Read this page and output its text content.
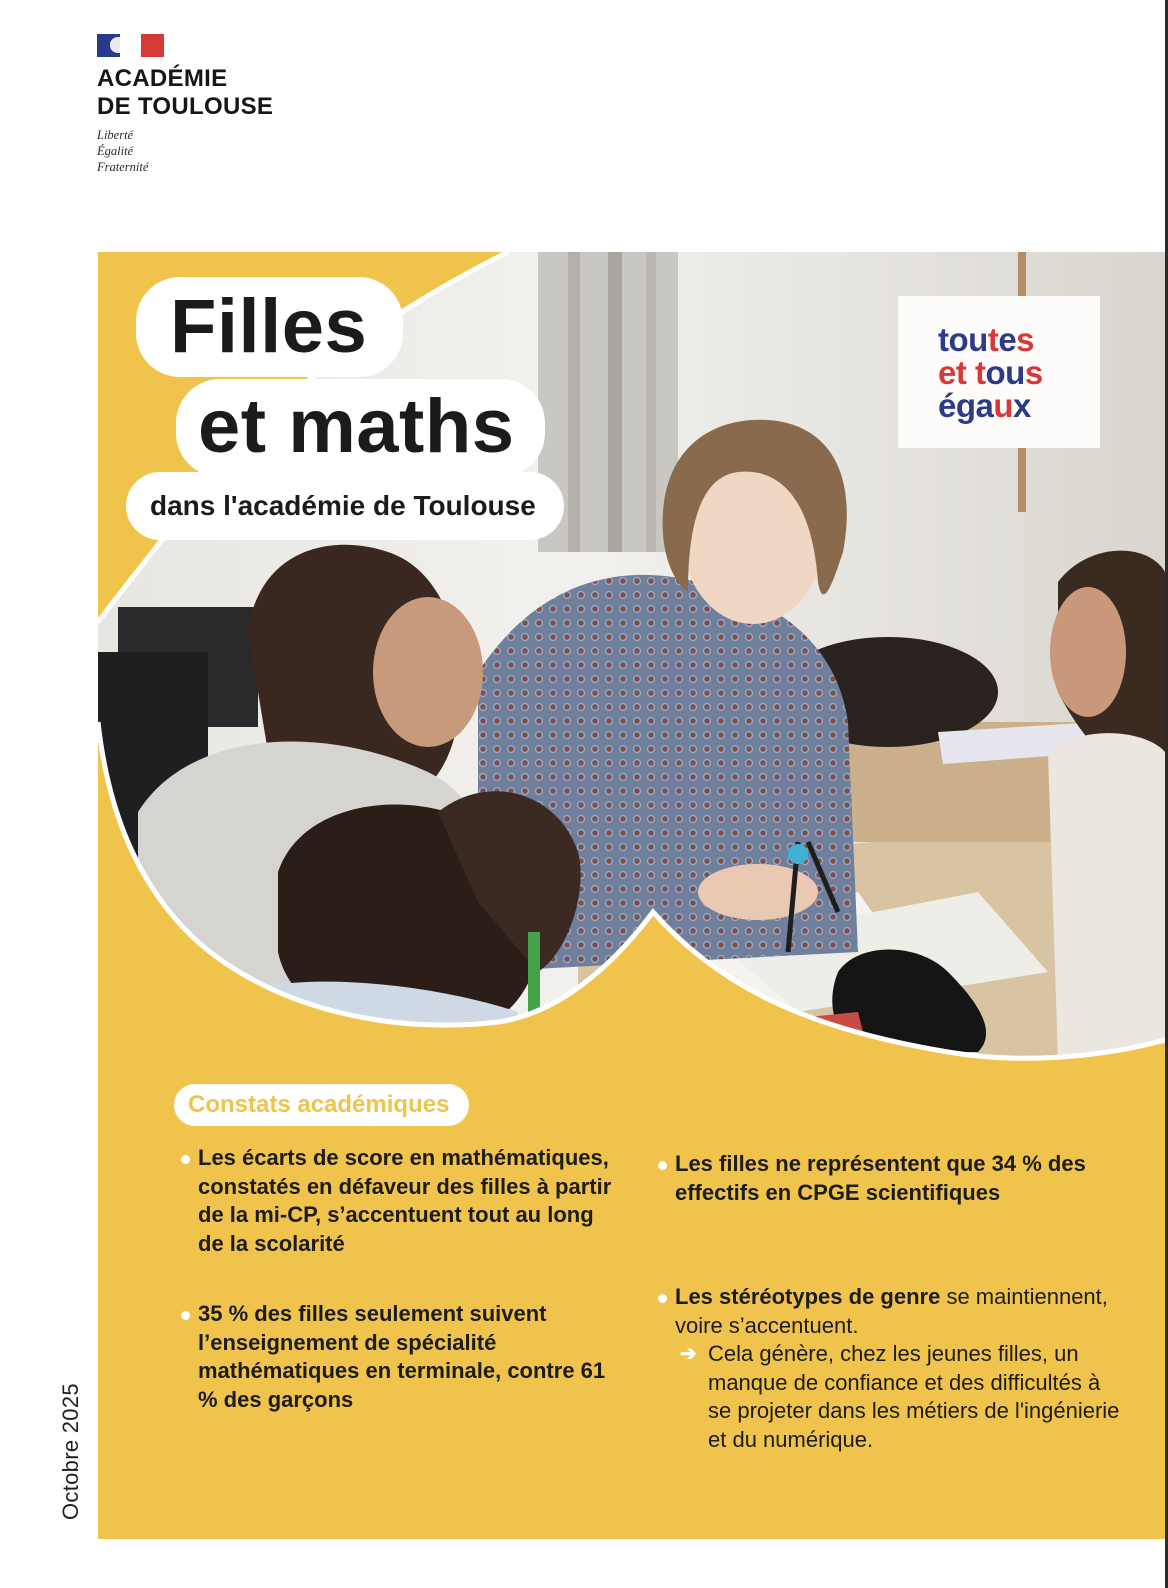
ACADÉMIE
DE TOULOUSE
Liberté
Égalité
Fraternité
Filles
et maths
dans l'académie de Toulouse
toutes
et tous
égaux
Constats académiques
Les écarts de score en mathématiques, constatés en défaveur des filles à partir de la mi-CP, s’accentuent tout au long de la scolarité
35 % des filles seulement suivent l’enseignement de spécialité mathématiques en terminale, contre 61 % des garçons
Les filles ne représentent que 34 % des effectifs en CPGE scientifiques
Les stéréotypes de genre se maintiennent, voire s’accentuent.
➔ Cela génère, chez les jeunes filles, un manque de confiance et des difficultés à se projeter dans les métiers de l'ingénierie et du numérique.
Octobre 2025
